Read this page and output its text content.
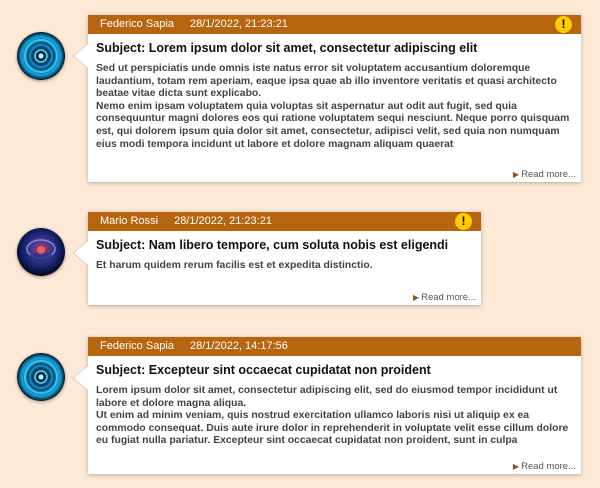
Federico Sapia 28/1/2022, 21:23:21	!
Subject: Lorem ipsum dolor sit amet, consectetur adipiscing elit

Sed ut perspiciatis unde omnis iste natus error sit voluptatem accusantium doloremque laudantium, totam rem aperiam, eaque ipsa quae ab illo inventore veritatis et quasi architecto beatae vitae dicta sunt explicabo.

Nemo enim ipsam voluptatem quia voluptas sit aspernatur aut odit aut fugit, sed quia consequuntur magni dolores eos qui ratione voluptatem sequi nesciunt. Neque porro quisquam est, qui dolorem ipsum quia dolor sit amet, consectetur, adipisci velit, sed quia non numquam eius modi tempora incidunt ut labore et dolore magnam aliquam quaerat

▶ Read more...
Mario Rossi 28/1/2022, 21:23:21	!
Subject: Nam libero tempore, cum soluta nobis est eligendi

Et harum quidem rerum facilis est et expedita distinctio.

▶ Read more...
Federico Sapia 28/1/2022, 14:17:56
Subject: Excepteur sint occaecat cupidatat non proident

Lorem ipsum dolor sit amet, consectetur adipiscing elit, sed do eiusmod tempor incididunt ut labore et dolore magna aliqua.

Ut enim ad minim veniam, quis nostrud exercitation ullamco laboris nisi ut aliquip ex ea commodo consequat. Duis aute irure dolor in reprehenderit in voluptate velit esse cillum dolore eu fugiat nulla pariatur. Excepteur sint occaecat cupidatat non proident, sunt in culpa

▶ Read more...
